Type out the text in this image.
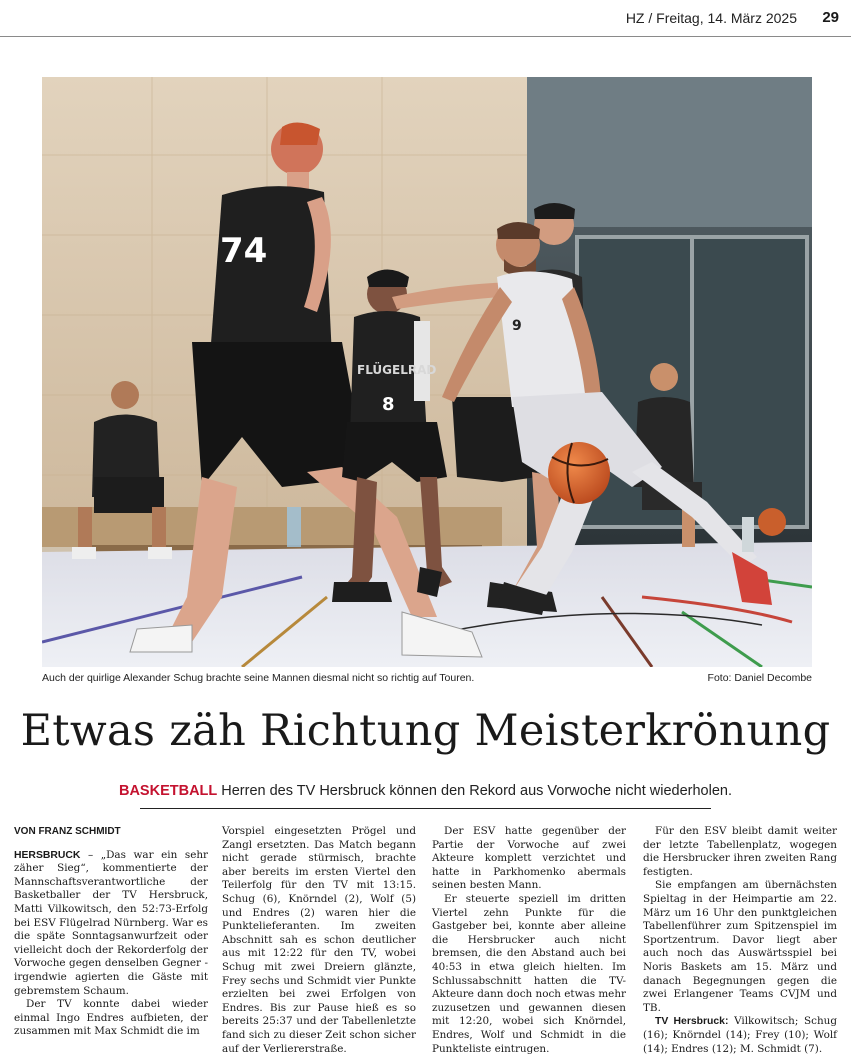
HZ / Freitag, 14. März 2025 29
74
FLÜGELRAD
8
9
Auch der quirlige Alexander Schug brachte seine Mannen diesmal nicht so richtig auf Touren.	Foto: Daniel Decombe
Etwas zäh Richtung Meisterkrönung
BASKETBALL Herren des TV Hersbruck können den Rekord aus Vorwoche nicht wiederholen.

VON FRANZ SCHMIDT

HERSBRUCK – „Das war ein sehr zäher Sieg“, kommentierte der Mannschaftsverantwortliche der Basketballer der TV Hersbruck, Matti Vilkowitsch, den 52:73-Erfolg bei ESV Flügelrad Nürnberg. War es die späte Sonntagsanwurfzeit oder vielleicht doch der Rekorderfolg der Vorwoche gegen denselben Gegner - irgendwie agierten die Gäste mit gebremstem Schaum.

Der TV konnte dabei wieder einmal Ingo Endres aufbieten, der zusammen mit Max Schmidt die im

Vorspiel eingesetzten Prögel und Zangl ersetzten. Das Match begann nicht gerade stürmisch, brachte aber bereits im ersten Viertel den Teilerfolg für den TV mit 13:15. Schug (6), Knörndel (2), Wolf (5) und Endres (2) waren hier die Punktelieferanten. Im zweiten Abschnitt sah es schon deutlicher aus mit 12:22 für den TV, wobei Schug mit zwei Dreiern glänzte, Frey sechs und Schmidt vier Punkte erzielten bei zwei Erfolgen von Endres. Bis zur Pause hieß es so bereits 25:37 und der Tabellenletzte fand sich zu dieser Zeit schon sicher auf der Verliererstraße.

Der ESV hatte gegenüber der Partie der Vorwoche auf zwei Akteure komplett verzichtet und hatte in Parkhomenko abermals seinen besten Mann.

Er steuerte speziell im dritten Viertel zehn Punkte für die Gastgeber bei, konnte aber alleine die Hersbrucker auch nicht bremsen, die den Abstand auch bei 40:53 in etwa gleich hielten. Im Schlussabschnitt hatten die TV-Akteure dann doch noch etwas mehr zuzusetzen und gewannen diesen mit 12:20, wobei sich Knörndel, Endres, Wolf und Schmidt in die Punkteliste eintrugen.

Für den ESV bleibt damit weiter der letzte Tabellenplatz, wogegen die Hersbrucker ihren zweiten Rang festigten.

Sie empfangen am übernächsten Spieltag in der Heimpartie am 22. März um 16 Uhr den punktgleichen Tabellenführer zum Spitzenspiel im Sportzentrum. Davor liegt aber auch noch das Auswärtsspiel bei Noris Baskets am 15. März und danach Begegnungen gegen die zwei Erlangener Teams CVJM und TB.

TV Hersbruck: Vilkowitsch; Schug (16); Knörndel (14); Frey (10); Wolf (14); Endres (12); M. Schmidt (7).
